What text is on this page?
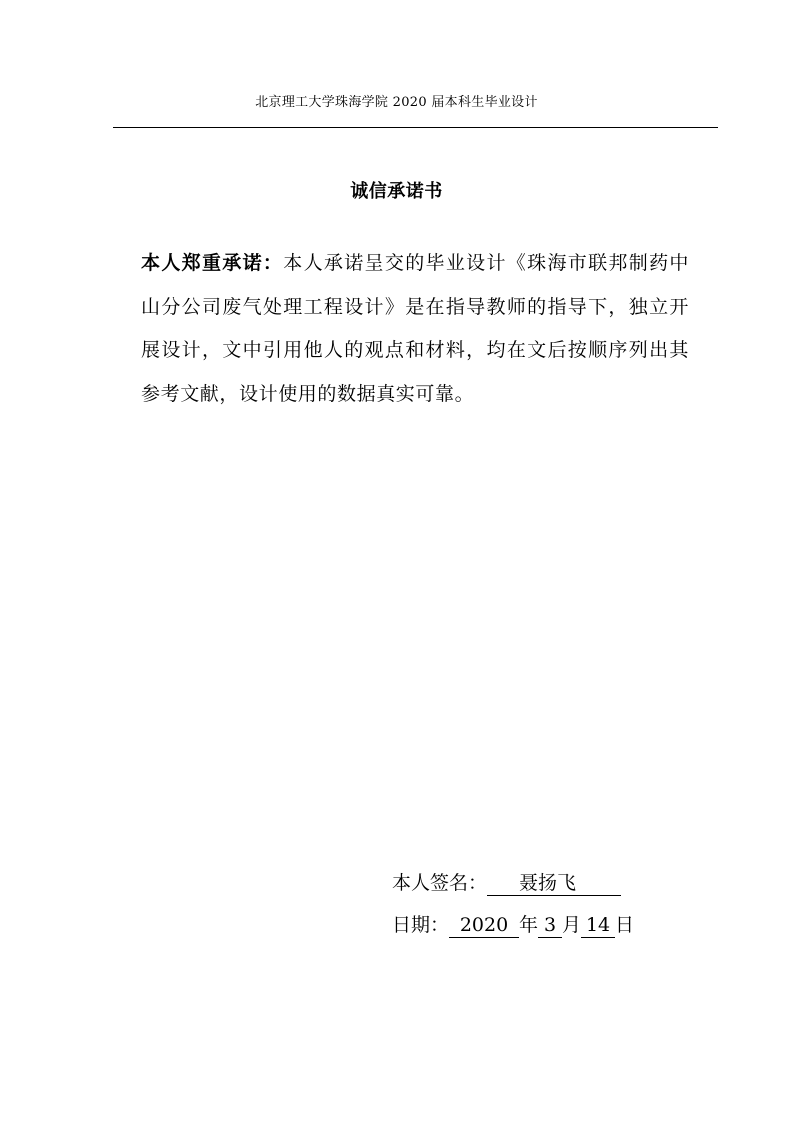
北京理工大学珠海学院 2020 届本科生毕业设计
诚信承诺书

本人郑重承诺：本人承诺呈交的毕业设计《珠海市联邦制药中山分公司废气处理工程设计》是在指导教师的指导下，独立开展设计，文中引用他人的观点和材料，均在文后按顺序列出其参考文献，设计使用的数据真实可靠。

本人签名： 聂扬飞
日期： 2020 年 3 月 14 日
